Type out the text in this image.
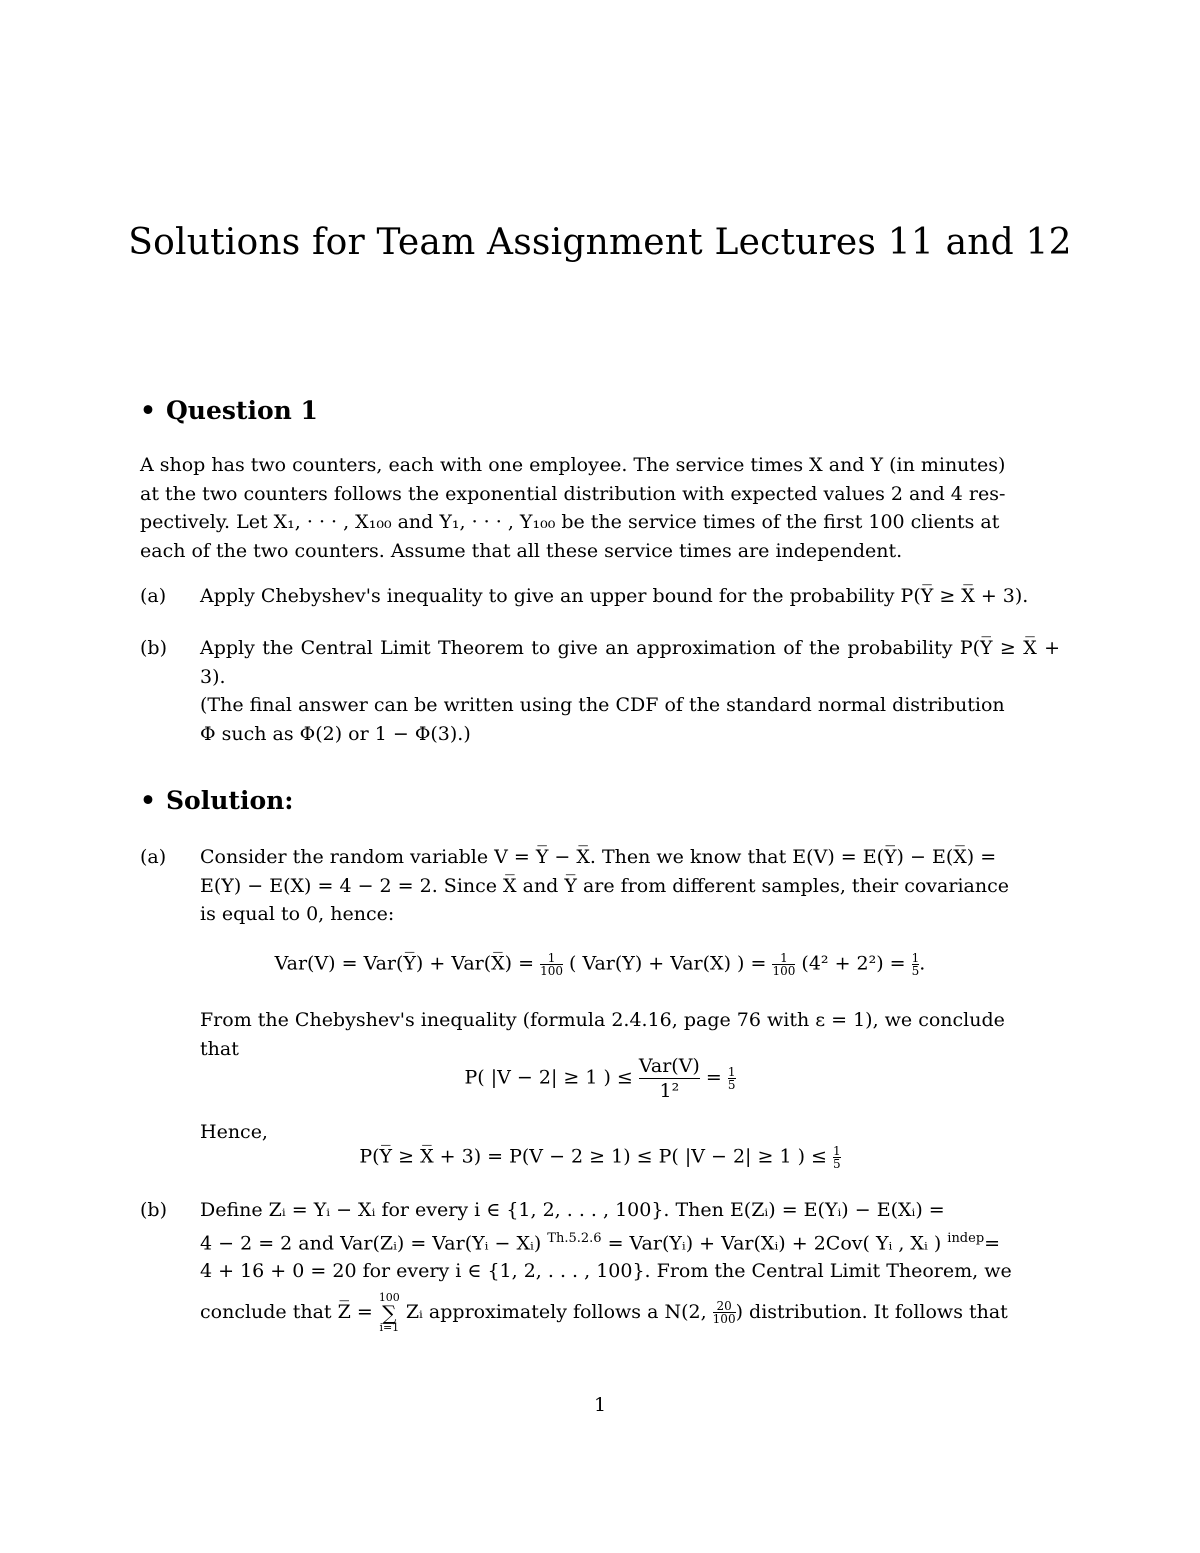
Solutions for Team Assignment Lectures 11 and 12
• Question 1
A shop has two counters, each with one employee. The service times X and Y (in minutes)
at the two counters follows the exponential distribution with expected values 2 and 4 res-
pectively. Let X₁, · · · , X₁₀₀ and Y₁, · · · , Y₁₀₀ be the service times of the first 100 clients at
each of the two counters. Assume that all these service times are independent.
(a)	Apply Chebyshev's inequality to give an upper bound for the probability P(Y̅ ≥ X̅ + 3).
(b)	Apply the Central Limit Theorem to give an approximation of the probability P(Y̅ ≥ X̅ + 3).
(The final answer can be written using the CDF of the standard normal distribution
Φ such as Φ(2) or 1 − Φ(3).)
• Solution:
(a)	Consider the random variable V = Y̅ − X̅. Then we know that E(V) = E(Y̅) − E(X̅) =
E(Y) − E(X) = 4 − 2 = 2. Since X̅ and Y̅ are from different samples, their covariance
is equal to 0, hence:
Var(V) = Var(Y̅) + Var(X̅) = $\frac{1}{100}$ ( Var(Y) + Var(X) ) = $\frac{1}{100} (4^2 + 2^2) = \frac{1}{5}$ .
From the Chebyshev's inequality (formula 2.4.16, page 76 with ε = 1), we conclude
that
P( |V − 2| ≥ 1 ) ≤
Var(V)
1²
= $\frac{1}{5}$
Hence,
P(Y̅ ≥ X̅ + 3) = P(V − 2 ≥ 1) ≤ P( |V − 2| ≥ 1 ) ≤ $\frac{1}{5}$
(b)	Define Zᵢ = Yᵢ − Xᵢ for every i ∈ {1, 2, . . . , 100}. Then E(Zᵢ) = E(Yᵢ) − E(Xᵢ) =
4 − 2 = 2 and Var(Zᵢ) = Var(Yᵢ − Xᵢ) $^{Th.5.2.6}$ = Var(Yᵢ) + Var(Xᵢ) + 2Cov( Yᵢ , Xᵢ ) $^{indep}$=
4 + 16 + 0 = 20 for every i ∈ {1, 2, . . . , 100}. From the Central Limit Theorem, we
conclude that Z̅ =
100
∑
i=1
Zᵢ approximately follows a N(2, $\frac{20}{100}$ ) distribution. It follows that
1
